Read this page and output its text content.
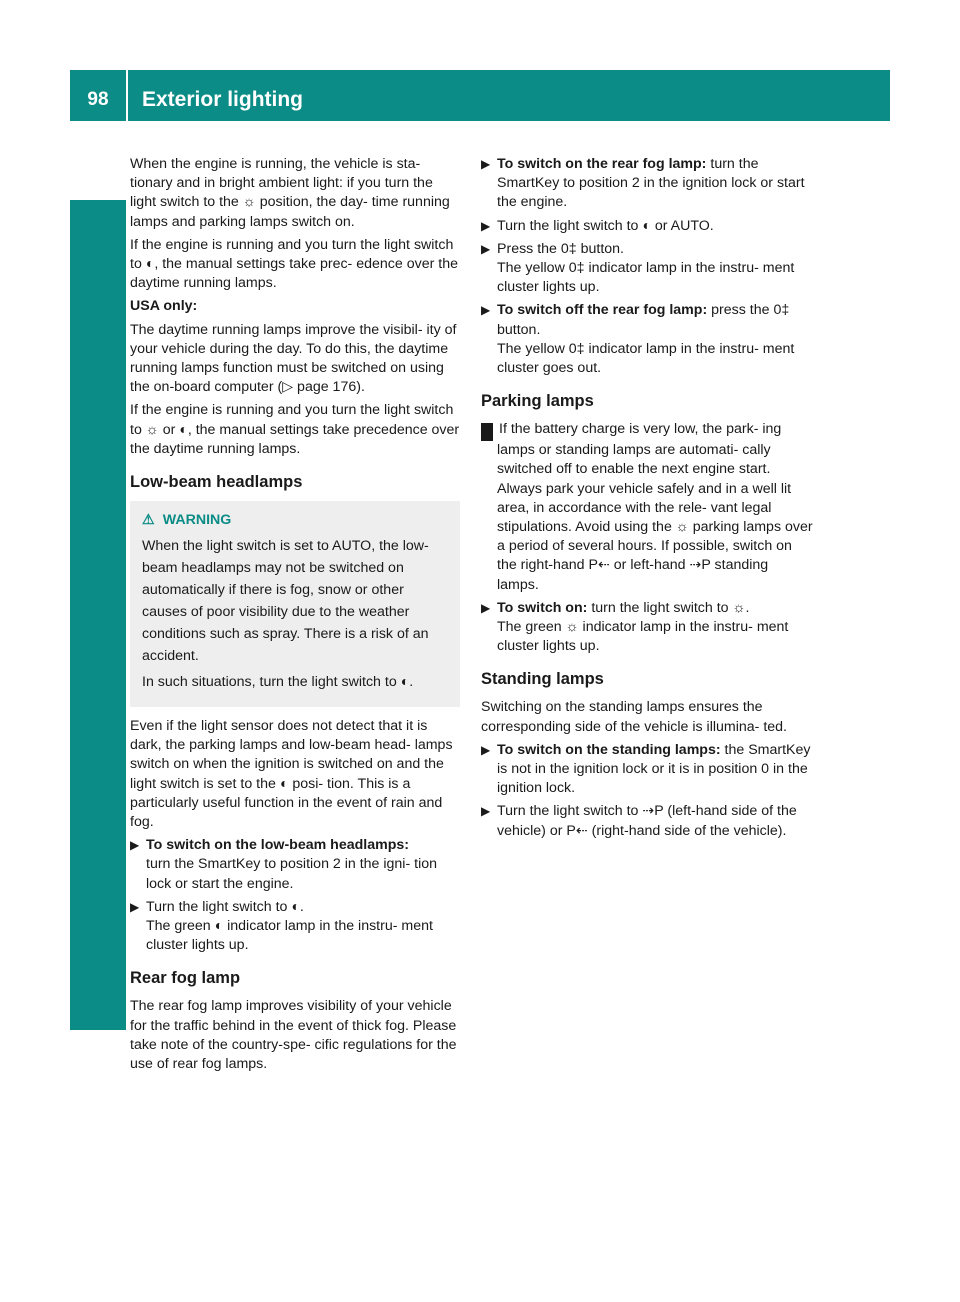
98	Exterior lighting
Lights and windshield wipers

When the engine is running, the vehicle is sta- tionary and in bright ambient light: if you turn the light switch to the ☼ position, the day- time running lamps and parking lamps switch on.

If the engine is running and you turn the light switch to ◐, the manual settings take prec- edence over the daytime running lamps.

USA only:

The daytime running lamps improve the visibil- ity of your vehicle during the day. To do this, the daytime running lamps function must be switched on using the on-board computer (▷ page 176).

If the engine is running and you turn the light switch to ☼ or ◐, the manual settings take precedence over the daytime running lamps.

Low-beam headlamps
⚠ WARNING

When the light switch is set to AUTO, the low-beam headlamps may not be switched on automatically if there is fog, snow or other causes of poor visibility due to the weather conditions such as spray. There is a risk of an accident.

In such situations, turn the light switch to ◐.

Even if the light sensor does not detect that it is dark, the parking lamps and low-beam head- lamps switch on when the ignition is switched on and the light switch is set to the ◐ posi- tion. This is a particularly useful function in the event of rain and fog.

▶ To switch on the low-beam headlamps:
turn the SmartKey to position 2 in the igni- tion lock or start the engine.
▶ Turn the light switch to ◐.
The green ◐ indicator lamp in the instru- ment cluster lights up.
Rear fog lamp

The rear fog lamp improves visibility of your vehicle for the traffic behind in the event of thick fog. Please take note of the country-spe- cific regulations for the use of rear fog lamps.

▶ To switch on the rear fog lamp: turn the SmartKey to position 2 in the ignition lock or start the engine.
▶ Turn the light switch to ◐ or AUTO.
▶ Press the 0‡ button.
The yellow 0‡ indicator lamp in the instru- ment cluster lights up.
▶ To switch off the rear fog lamp: press the 0‡ button.
The yellow 0‡ indicator lamp in the instru- ment cluster goes out.
Parking lamps

! If the battery charge is very low, the park- ing lamps or standing lamps are automati- cally switched off to enable the next engine start. Always park your vehicle safely and in a well lit area, in accordance with the rele- vant legal stipulations. Avoid using the ☼ parking lamps over a period of several hours. If possible, switch on the right-hand P⇠ or left-hand ⇢P standing lamps.

▶ To switch on: turn the light switch to ☼.
The green ☼ indicator lamp in the instru- ment cluster lights up.
Standing lamps

Switching on the standing lamps ensures the corresponding side of the vehicle is illumina- ted.

▶ To switch on the standing lamps: the SmartKey is not in the ignition lock or it is in position 0 in the ignition lock.
▶ Turn the light switch to ⇢P (left-hand side of the vehicle) or P⇠ (right-hand side of the vehicle).
